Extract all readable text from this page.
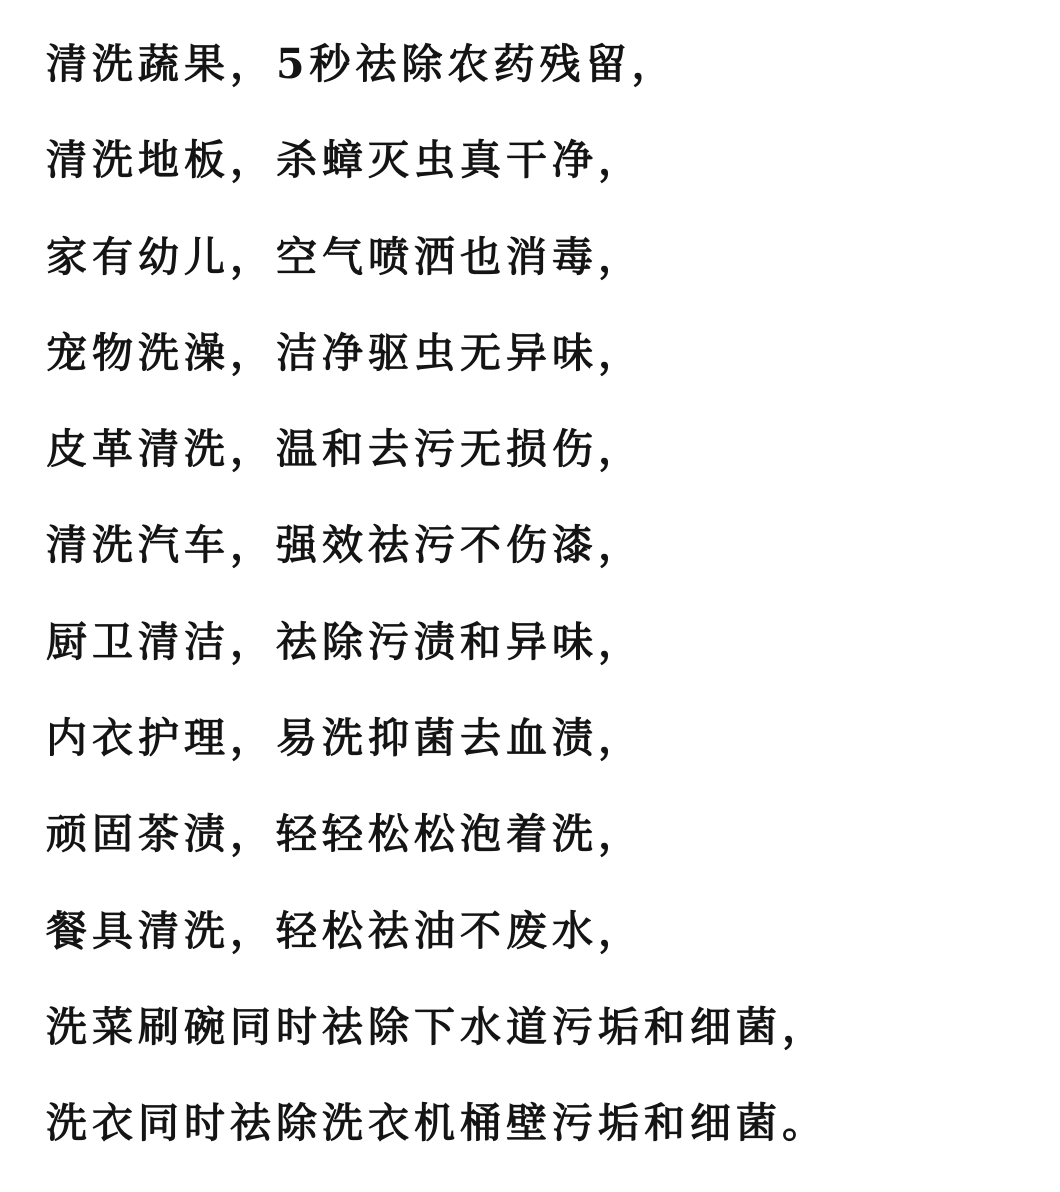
清洗蔬果，5秒祛除农药残留，
清洗地板，杀蟑灭虫真干净，
家有幼儿，空气喷洒也消毒，
宠物洗澡，洁净驱虫无异味，
皮革清洗，温和去污无损伤，
清洗汽车，强效祛污不伤漆，
厨卫清洁，祛除污渍和异味，
内衣护理，易洗抑菌去血渍，
顽固茶渍，轻轻松松泡着洗，
餐具清洗，轻松祛油不废水，
洗菜刷碗同时祛除下水道污垢和细菌，
洗衣同时祛除洗衣机桶壁污垢和细菌。
